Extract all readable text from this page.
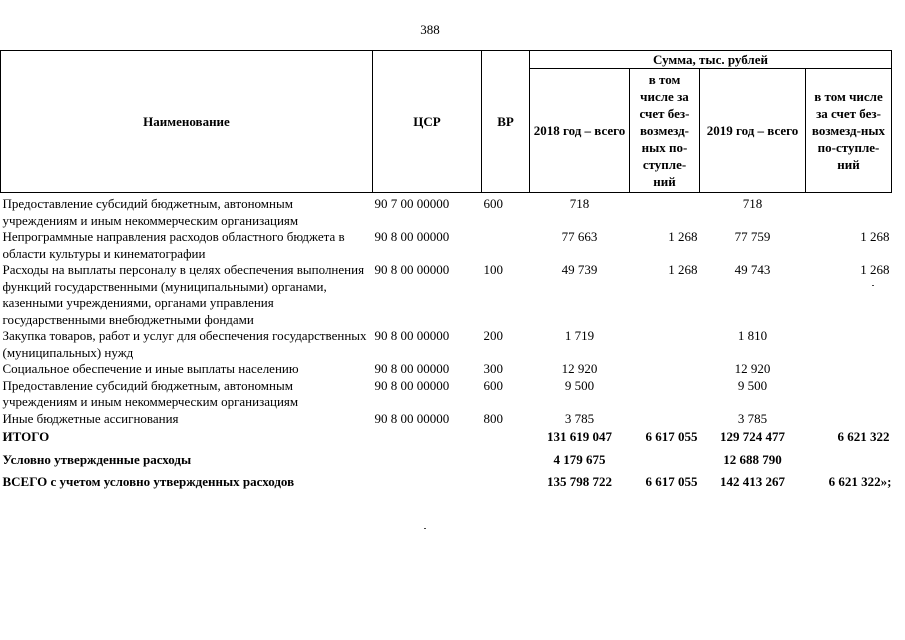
388
Наименование	ЦСР	ВР	Сумма, тыс. рублей			
			2018 год – всего	в том числе за счет без-возмезд-ных по-ступле-ний	2019 год – всего	в том числе за счет без-возмезд-ных по-ступле-ний
Предоставление субсидий бюджетным, автономным учреждениям и иным некоммерческим организациям	90 7 00 00000	600	718		718	
Непрограммные направления расходов областного бюджета в области культуры и кинематографии	90 8 00 00000		77 663	1 268	77 759	1 268
Расходы на выплаты персоналу в целях обеспечения выполнения функций государственными (муниципальными) органами, казенными учреждениями, органами управления государственными внебюджетными фондами	90 8 00 00000	100	49 739	1 268	49 743	1 268
Закупка товаров, работ и услуг для обеспечения государственных (муниципальных) нужд	90 8 00 00000	200	1 719		1 810	
Социальное обеспечение и иные выплаты населению	90 8 00 00000	300	12 920		12 920	
Предоставление субсидий бюджетным, автономным учреждениям и иным некоммерческим организациям	90 8 00 00000	600	9 500		9 500	
Иные бюджетные ассигнования	90 8 00 00000	800	3 785		3 785	
ИТОГО			131 619 047	6 617 055	129 724 477	6 621 322
Условно утвержденные расходы			4 179 675		12 688 790	
ВСЕГО с учетом условно утвержденных расходов			135 798 722	6 617 055	142 413 267	6 621 322»;
